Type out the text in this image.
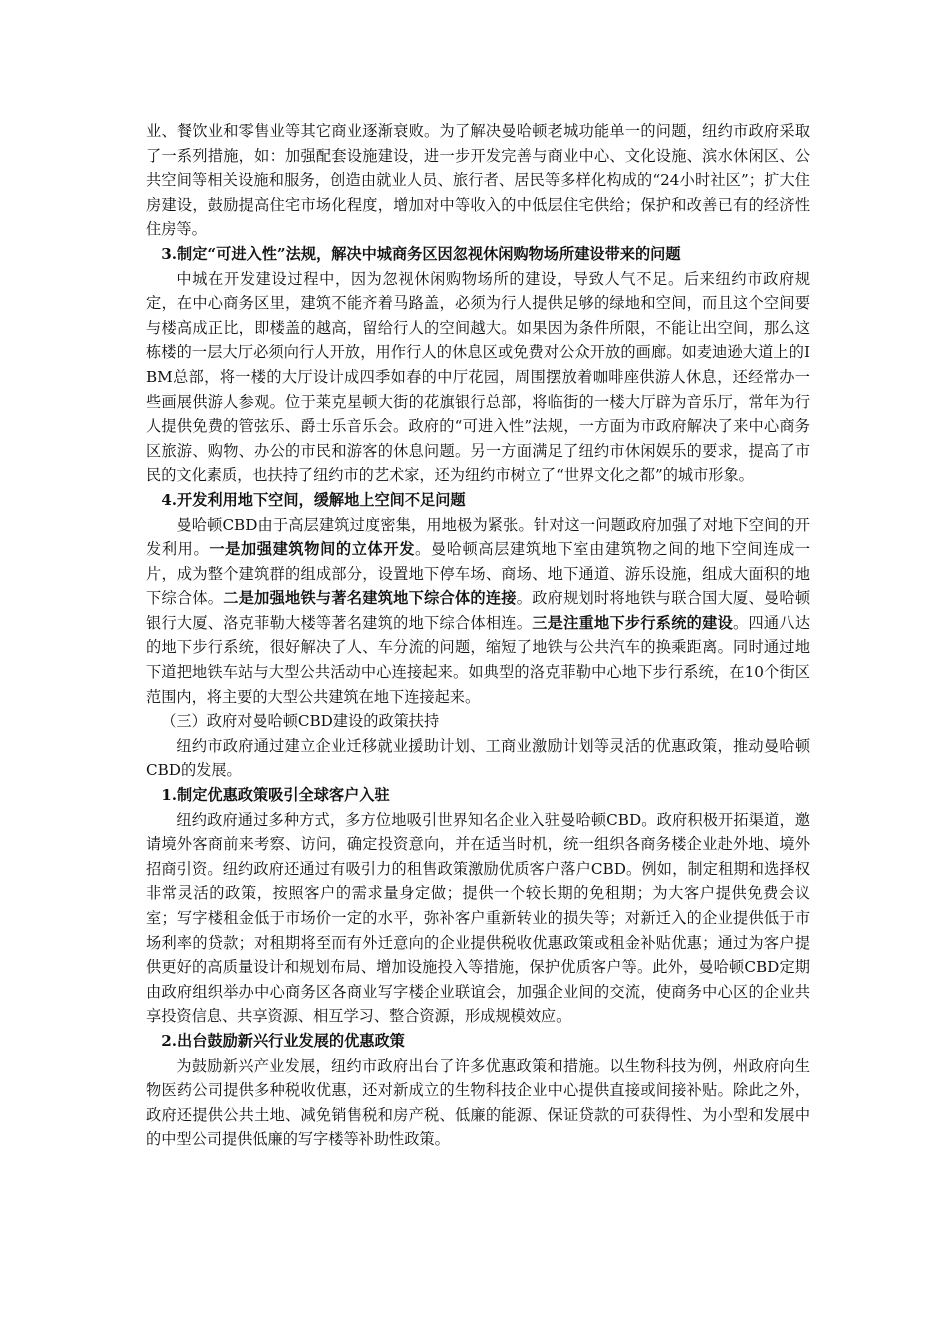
业、餐饮业和零售业等其它商业逐渐衰败。为了解决曼哈顿老城功能单一的问题，纽约市政府采取了一系列措施，如：加强配套设施建设，进一步开发完善与商业中心、文化设施、滨水休闲区、公共空间等相关设施和服务，创造由就业人员、旅行者、居民等多样化构成的“24小时社区”；扩大住房建设，鼓励提高住宅市场化程度，增加对中等收入的中低层住宅供给；保护和改善已有的经济性住房等。

3.制定“可进入性”法规，解决中城商务区因忽视休闲购物场所建设带来的问题

中城在开发建设过程中，因为忽视休闲购物场所的建设，导致人气不足。后来纽约市政府规定，在中心商务区里，建筑不能齐着马路盖，必须为行人提供足够的绿地和空间，而且这个空间要与楼高成正比，即楼盖的越高，留给行人的空间越大。如果因为条件所限，不能让出空间，那么这栋楼的一层大厅必须向行人开放，用作行人的休息区或免费对公众开放的画廊。如麦迪逊大道上的IBM总部，将一楼的大厅设计成四季如春的中厅花园，周围摆放着咖啡座供游人休息，还经常办一些画展供游人参观。位于莱克星顿大街的花旗银行总部，将临街的一楼大厅辟为音乐厅，常年为行人提供免费的管弦乐、爵士乐音乐会。政府的“可进入性”法规，一方面为市政府解决了来中心商务区旅游、购物、办公的市民和游客的休息问题。另一方面满足了纽约市休闲娱乐的要求，提高了市民的文化素质，也扶持了纽约市的艺术家，还为纽约市树立了“世界文化之都”的城市形象。

4.开发利用地下空间，缓解地上空间不足问题

曼哈顿CBD由于高层建筑过度密集，用地极为紧张。针对这一问题政府加强了对地下空间的开发利用。一是加强建筑物间的立体开发。曼哈顿高层建筑地下室由建筑物之间的地下空间连成一片，成为整个建筑群的组成部分，设置地下停车场、商场、地下通道、游乐设施，组成大面积的地下综合体。二是加强地铁与著名建筑地下综合体的连接。政府规划时将地铁与联合国大厦、曼哈顿银行大厦、洛克菲勒大楼等著名建筑的地下综合体相连。三是注重地下步行系统的建设。四通八达的地下步行系统，很好解决了人、车分流的问题，缩短了地铁与公共汽车的换乘距离。同时通过地下道把地铁车站与大型公共活动中心连接起来。如典型的洛克菲勒中心地下步行系统，在10个街区范围内，将主要的大型公共建筑在地下连接起来。

（三）政府对曼哈顿CBD建设的政策扶持

纽约市政府通过建立企业迁移就业援助计划、工商业激励计划等灵活的优惠政策，推动曼哈顿CBD的发展。

1.制定优惠政策吸引全球客户入驻

纽约政府通过多种方式，多方位地吸引世界知名企业入驻曼哈顿CBD。政府积极开拓渠道，邀请境外客商前来考察、访问，确定投资意向，并在适当时机，统一组织各商务楼企业赴外地、境外招商引资。纽约政府还通过有吸引力的租售政策激励优质客户落户CBD。例如，制定租期和选择权非常灵活的政策，按照客户的需求量身定做；提供一个较长期的免租期；为大客户提供免费会议室；写字楼租金低于市场价一定的水平，弥补客户重新转业的损失等；对新迁入的企业提供低于市场利率的贷款；对租期将至而有外迁意向的企业提供税收优惠政策或租金补贴优惠；通过为客户提供更好的高质量设计和规划布局、增加设施投入等措施，保护优质客户等。此外，曼哈顿CBD定期由政府组织举办中心商务区各商业写字楼企业联谊会，加强企业间的交流，使商务中心区的企业共享投资信息、共享资源、相互学习、整合资源，形成规模效应。

2.出台鼓励新兴行业发展的优惠政策

为鼓励新兴产业发展，纽约市政府出台了许多优惠政策和措施。以生物科技为例，州政府向生物医药公司提供多种税收优惠，还对新成立的生物科技企业中心提供直接或间接补贴。除此之外，政府还提供公共土地、减免销售税和房产税、低廉的能源、保证贷款的可获得性、为小型和发展中的中型公司提供低廉的写字楼等补助性政策。
